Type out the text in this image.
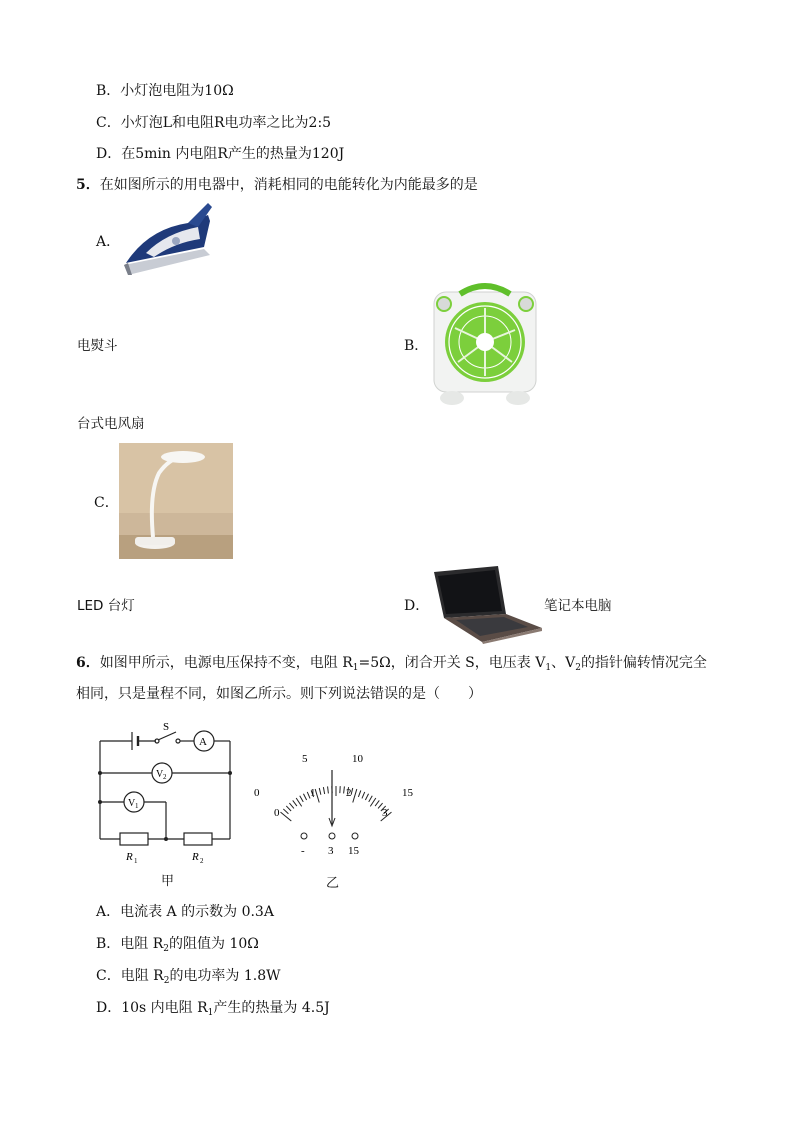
B．小灯泡电阻为10Ω
C．小灯泡L和电阻R电功率之比为2:5
D．在5min 内电阻R产生的热量为120J
5．在如图所示的用电器中，消耗相同的电能转化为内能最多的是
A．
电熨斗	B．
台式电风扇
C．
LED 台灯	D．	笔记本电脑
6．如图甲所示，电源电压保持不变，电阻 $R_1=5\Omega$，闭合开关 S，电压表 $V_1$、$V_2$的指针偏转情况完全
相同，只是量程不同，如图乙所示。则下列说法错误的是（　　）
S
A
V 2
V 1
R 1	R 2
甲
0
5	10
15
0
1	2
3
- 3 15
乙
A．电流表 A 的示数为 0.3A
B．电阻 $R_2$的阻值为 10Ω
C．电阻 $R_2$的电功率为 1.8W
D．10s 内电阻 $R_1$产生的热量为 4.5J
